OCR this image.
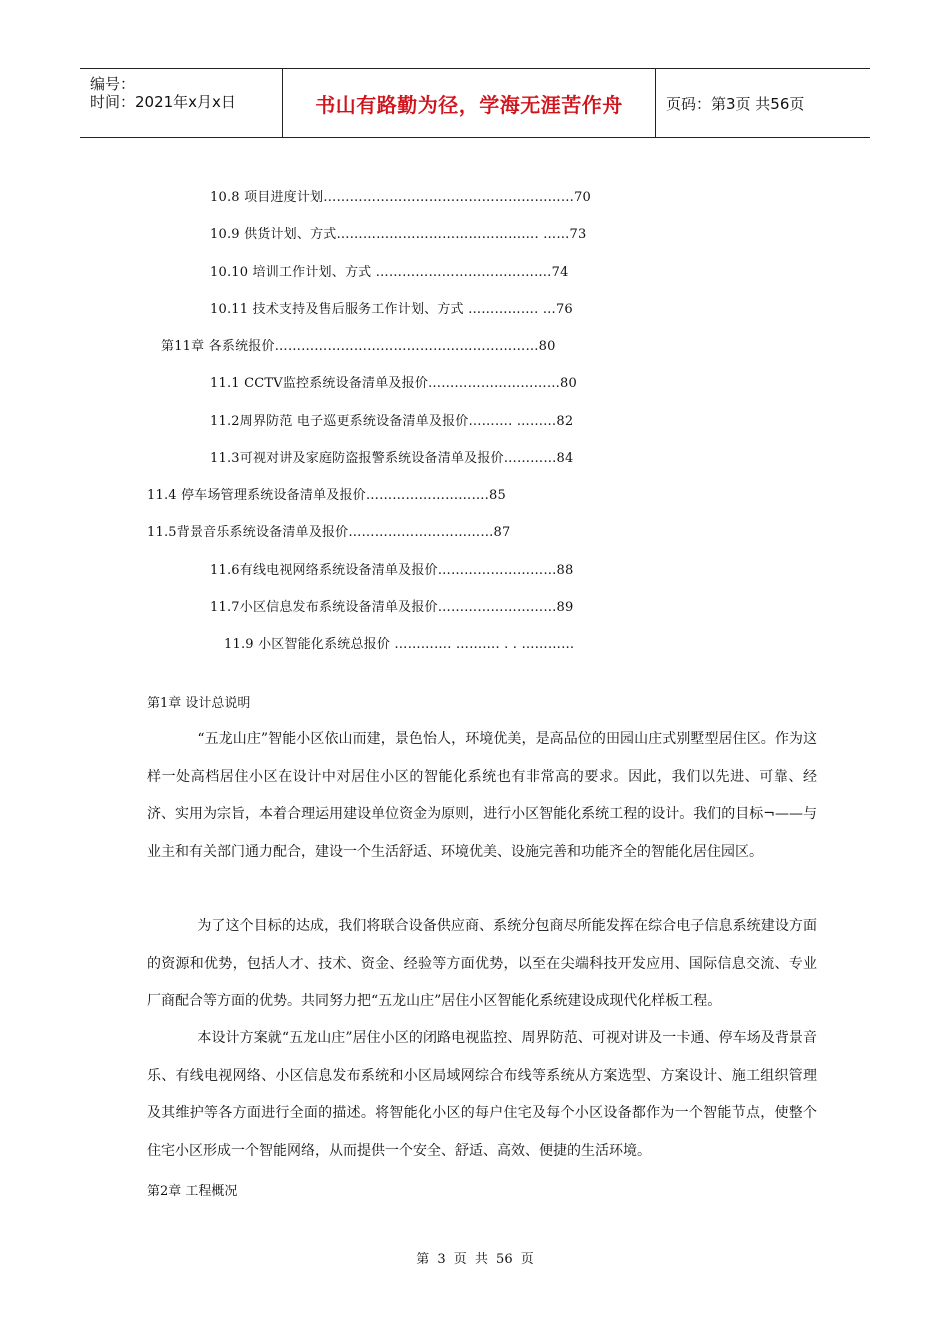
编号：
时间：2021年x月x日	书山有路勤为径，学海无涯苦作舟	页码：第3页 共56页
10.8 项目进度计划…………………………………………………70
10.9 供货计划、方式………………………………………. ……73
10.10 培训工作计划、方式 ……………………………….…74
10.11 技术支持及售后服务工作计划、方式 ……………. …76
第11章 各系统报价……………………………………………………80
11.1 CCTV监控系统设备清单及报价…………………………80
11.2周界防范 电子巡更系统设备清单及报价………. ………82
11.3可视对讲及家庭防盗报警系统设备清单及报价…………84
11.4 停车场管理系统设备清单及报价……………………….85
11.5背景音乐系统设备清单及报价……………………………87
11.6有线电视网络系统设备清单及报价………………………88
11.7小区信息发布系统设备清单及报价………………………89
11.9 小区智能化系统总报价 …………. ………. . . …………
第1章 设计总说明
“五龙山庄”智能小区依山而建，景色怡人，环境优美，是高品位的田园山庄式别墅型居住区。作为这样一处高档居住小区在设计中对居住小区的智能化系统也有非常高的要求。因此，我们以先进、可靠、经济、实用为宗旨，本着合理运用建设单位资金为原则，进行小区智能化系统工程的设计。我们的目标¬——与业主和有关部门通力配合，建设一个生活舒适、环境优美、设施完善和功能齐全的智能化居住园区。
为了这个目标的达成，我们将联合设备供应商、系统分包商尽所能发挥在综合电子信息系统建设方面的资源和优势，包括人才、技术、资金、经验等方面优势，以至在尖端科技开发应用、国际信息交流、专业厂商配合等方面的优势。共同努力把“五龙山庄”居住小区智能化系统建设成现代化样板工程。
本设计方案就“五龙山庄”居住小区的闭路电视监控、周界防范、可视对讲及一卡通、停车场及背景音乐、有线电视网络、小区信息发布系统和小区局域网综合布线等系统从方案选型、方案设计、施工组织管理及其维护等各方面进行全面的描述。将智能化小区的每户住宅及每个小区设备都作为一个智能节点，使整个住宅小区形成一个智能网络，从而提供一个安全、舒适、高效、便捷的生活环境。
第2章 工程概况
第 3 页 共 56 页
